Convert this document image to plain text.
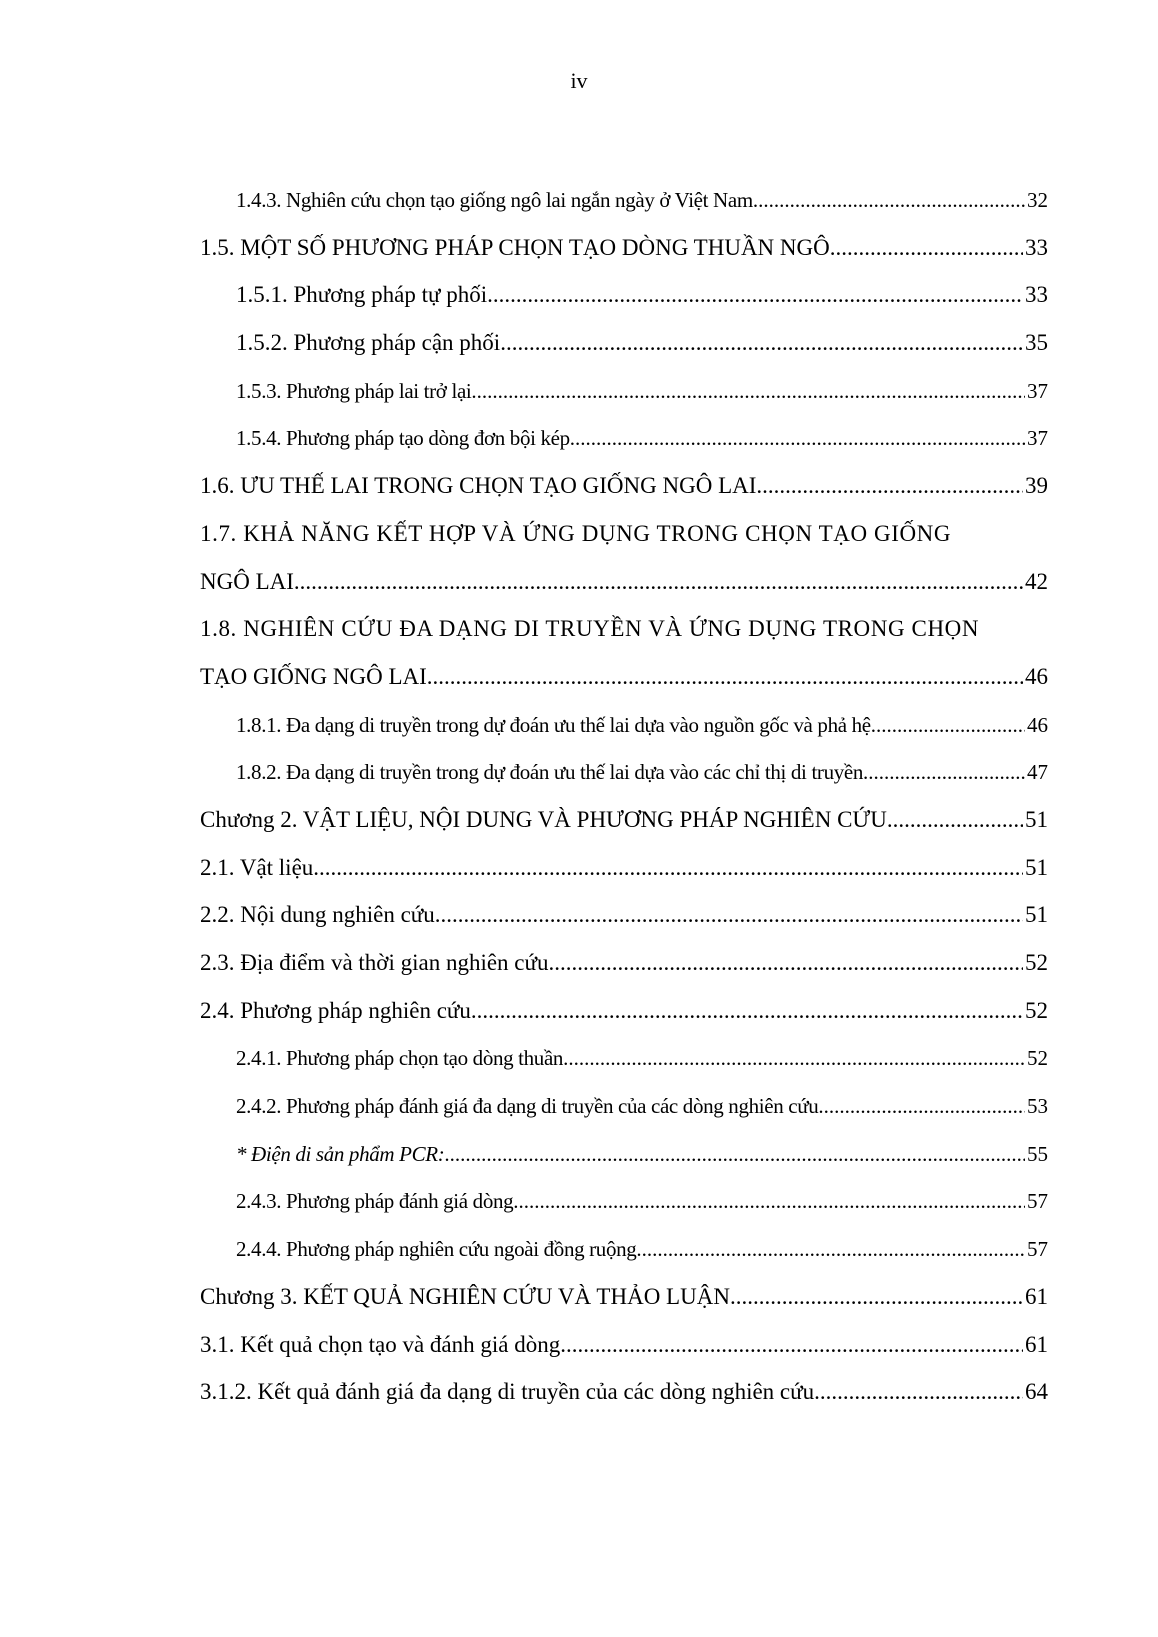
iv
1.4.3. Nghiên cứu chọn tạo giống ngô lai ngắn ngày ở Việt Nam .....	32
1.5. MỘT SỐ PHƯƠNG PHÁP CHỌN TẠO DÒNG THUẦN NGÔ .....	33
1.5.1. Phương pháp tự phối .....	33
1.5.2. Phương pháp cận phối .....	35
1.5.3. Phương pháp lai trở lại .....	37
1.5.4. Phương pháp tạo dòng đơn bội kép .....	37
1.6. ƯU THẾ LAI TRONG CHỌN TẠO GIỐNG NGÔ LAI .....	39
1.7. KHẢ NĂNG KẾT HỢP VÀ ỨNG DỤNG TRONG CHỌN TẠO GIỐNG
NGÔ LAI .....	42
1.8. NGHIÊN CỨU ĐA DẠNG DI TRUYỀN VÀ ỨNG DỤNG TRONG CHỌN
TẠO GIỐNG NGÔ LAI .....	46
1.8.1. Đa dạng di truyền trong dự đoán ưu thế lai dựa vào nguồn gốc và phả hệ .....	46
1.8.2. Đa dạng di truyền trong dự đoán ưu thế lai dựa vào các chỉ thị di truyền .....	47
Chương 2. VẬT LIỆU, NỘI DUNG VÀ PHƯƠNG PHÁP NGHIÊN CỨU .....	51
2.1. Vật liệu .....	51
2.2. Nội dung nghiên cứu .....	51
2.3. Địa điểm và thời gian nghiên cứu .....	52
2.4. Phương pháp nghiên cứu .....	52
2.4.1. Phương pháp chọn tạo dòng thuần .....	52
2.4.2. Phương pháp đánh giá đa dạng di truyền của các dòng nghiên cứu .....	53
* Điện di sản phẩm PCR: .....	55
2.4.3. Phương pháp đánh giá dòng .....	57
2.4.4. Phương pháp nghiên cứu ngoài đồng ruộng .....	57
Chương 3. KẾT QUẢ NGHIÊN CỨU VÀ THẢO LUẬN .....	61
3.1. Kết quả chọn tạo và đánh giá dòng .....	61
3.1.2. Kết quả đánh giá đa dạng di truyền của các dòng nghiên cứu .....	64
